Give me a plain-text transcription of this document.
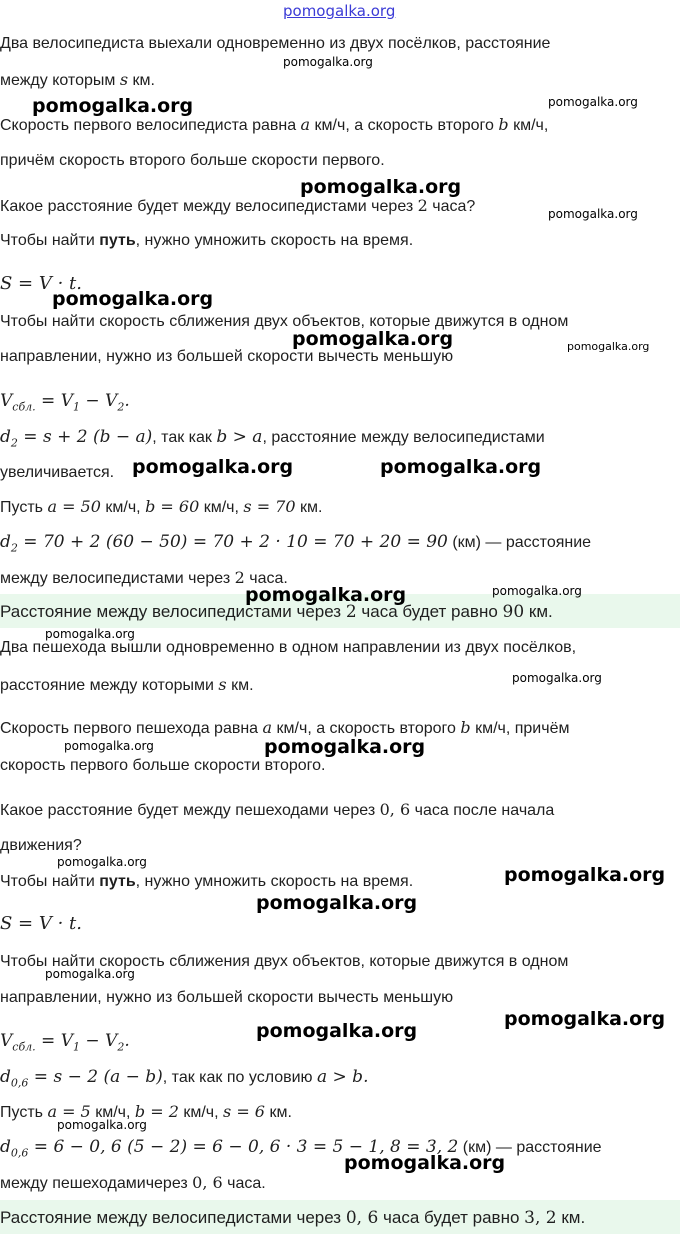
pomogalka.org
Два велосипедиста выехали одновременно из двух посёлков, расстояние
между которым s км.
Скорость первого велосипедиста равна a км/ч, а скорость второго b км/ч,
причём скорость второго больше скорости первого.
Какое расстояние будет между велосипедистами через 2 часа?
Чтобы найти путь, нужно умножить скорость на время.
S = V · t.
Чтобы найти скорость сближения двух объектов, которые движутся в одном
направлении, нужно из большей скорости вычесть меньшую
$V_{сбл.} = V_1 - V_2$.
$d_2 = s + 2$ (b − a), так как b > a, расстояние между велосипедистами
увеличивается.
Пусть a = 50 км/ч, b = 60 км/ч, s = 70 км.
$d_2 = 70 + 2$ (60 − 50) = 70 + 2 · 10 = 70 + 20 = 90 (км) — расстояние
между велосипедистами через 2 часа.
Расстояние между велосипедистами через 2 часа будет равно 90 км.
Два пешехода вышли одновременно в одном направлении из двух посёлков,
расстояние между которыми s км.
Скорость первого пешехода равна a км/ч, а скорость второго b км/ч, причём
скорость первого больше скорости второго.
Какое расстояние будет между пешеходами через 0, 6 часа после начала
движения?
Чтобы найти путь, нужно умножить скорость на время.
S = V · t.
Чтобы найти скорость сближения двух объектов, которые движутся в одном
направлении, нужно из большей скорости вычесть меньшую
$V_{сбл.} = V_1 - V_2$.
$d_{0,6} = s - 2$ (a − b), так как по условию a > b.
Пусть a = 5 км/ч, b = 2 км/ч, s = 6 км.
$d_{0,6} = 6 - 0$, 6 (5 − 2) = 6 − 0, 6 · 3 = 5 − 1, 8 = 3, 2 (км) — расстояние
между пешеходамичерез 0, 6 часа.
Расстояние между велосипедистами через 0, 6 часа будет равно 3, 2 км.
pomogalka.org
pomogalka.org	pomogalka.org
pomogalka.org
pomogalka.org
pomogalka.org
pomogalka.org	pomogalka.org
pomogalka.org	pomogalka.org
pomogalka.org	pomogalka.org
pomogalka.org
pomogalka.org
pomogalka.org	pomogalka.org
pomogalka.org
pomogalka.org
pomogalka.org
pomogalka.org
pomogalka.org
pomogalka.org
pomogalka.org
pomogalka.org
